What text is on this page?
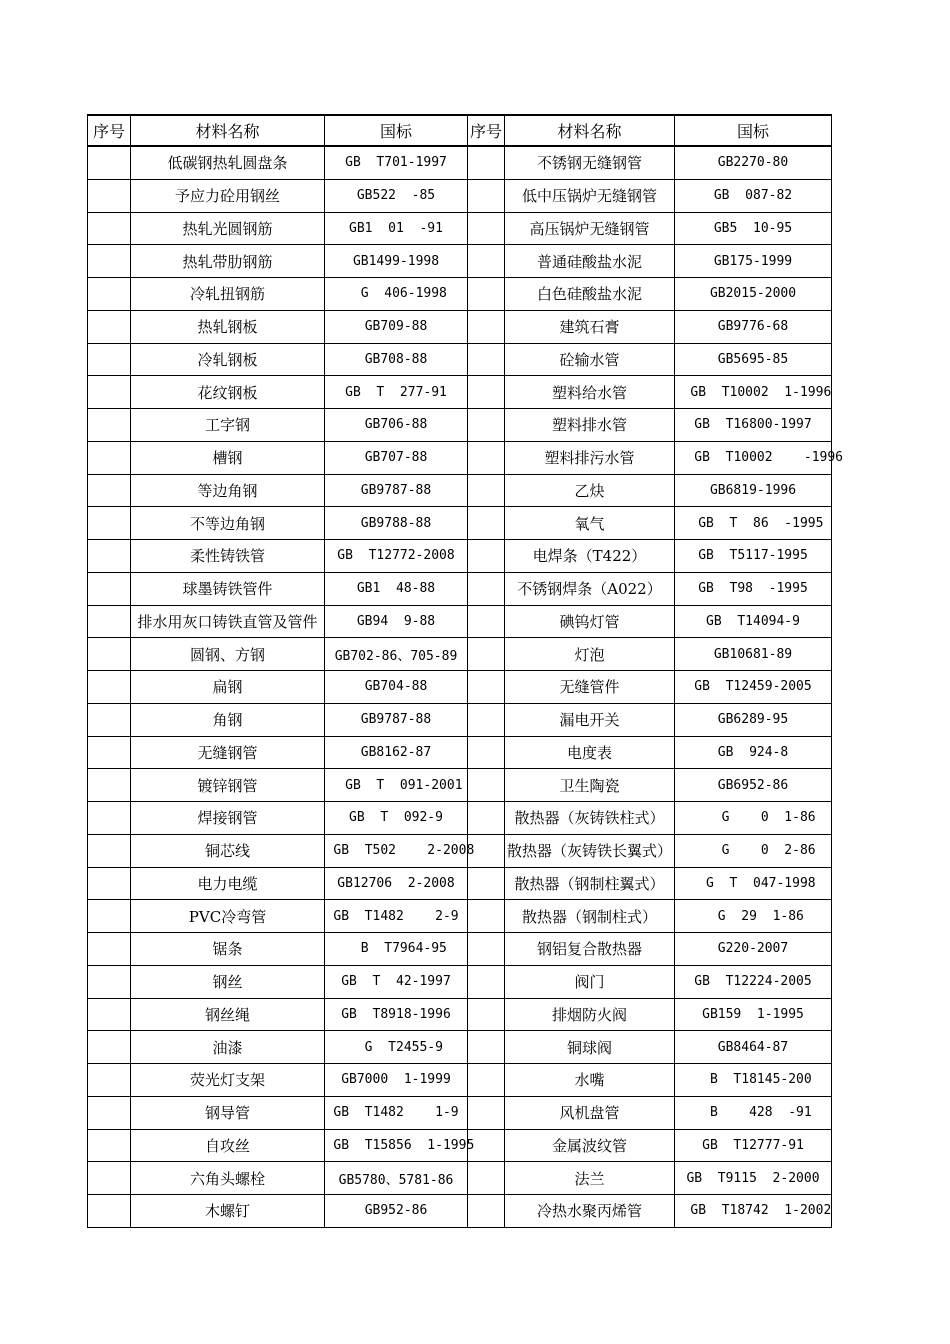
序号	材料名称	国标	序号	材料名称	国标
低碳钢热轧圆盘条	GB  T701-1997	不锈钢无缝钢管	GB2270-80
予应力砼用钢丝	GB522  -85	低中压锅炉无缝钢管	GB  087-82
热轧光圆钢筋	GB1  01  -91	高压锅炉无缝钢管	GB5  10-95
热轧带肋钢筋	GB1499-1998	普通硅酸盐水泥	GB175-1999
冷轧扭钢筋	G  406-1998	白色硅酸盐水泥	GB2015-2000
热轧钢板	GB709-88	建筑石膏	GB9776-68
冷轧钢板	GB708-88	砼输水管	GB5695-85
花纹钢板	GB  T  277-91	塑料给水管	GB  T10002  1-1996
工字钢	GB706-88	塑料排水管	GB  T16800-1997
槽钢	GB707-88	塑料排污水管	GB  T10002    -1996
等边角钢	GB9787-88	乙炔	GB6819-1996
不等边角钢	GB9788-88	氧气	GB  T  86  -1995
柔性铸铁管	GB  T12772-2008	电焊条（T422）	GB  T5117-1995
球墨铸铁管件	GB1  48-88	不锈钢焊条（A022）	GB  T98  -1995
排水用灰口铸铁直管及管件	GB94  9-88	碘钨灯管	GB  T14094-9
圆钢、方钢	GB702-86、705-89	灯泡	GB10681-89
扁钢	GB704-88	无缝管件	GB  T12459-2005
角钢	GB9787-88	漏电开关	GB6289-95
无缝钢管	GB8162-87	电度表	GB  924-8
镀锌钢管	GB  T  091-2001	卫生陶瓷	GB6952-86
焊接钢管	GB  T  092-9	散热器（灰铸铁柱式）	G    0  1-86
铜芯线	GB  T502    2-2008 散热器（灰铸铁长翼式）	G    0  2-86
电力电缆	GB12706  2-2008	散热器（钢制柱翼式）	G  T  047-1998
PVC冷弯管	GB  T1482    2-9	散热器（钢制柱式）	G  29  1-86
锯条	B  T7964-95	钢铝复合散热器	G220-2007
钢丝	GB  T  42-1997	阀门	GB  T12224-2005
钢丝绳	GB  T8918-1996	排烟防火阀	GB159  1-1995
油漆	G  T2455-9	铜球阀	GB8464-87
荧光灯支架	GB7000  1-1999	水嘴	B  T18145-200
钢导管	GB  T1482    1-9	风机盘管	B    428  -91
自攻丝	GB  T15856  1-1995	金属波纹管	GB  T12777-91
六角头螺栓	GB5780、5781-86	法兰	GB  T9115  2-2000
木螺钉	GB952-86	冷热水聚丙烯管	GB  T18742  1-2002
